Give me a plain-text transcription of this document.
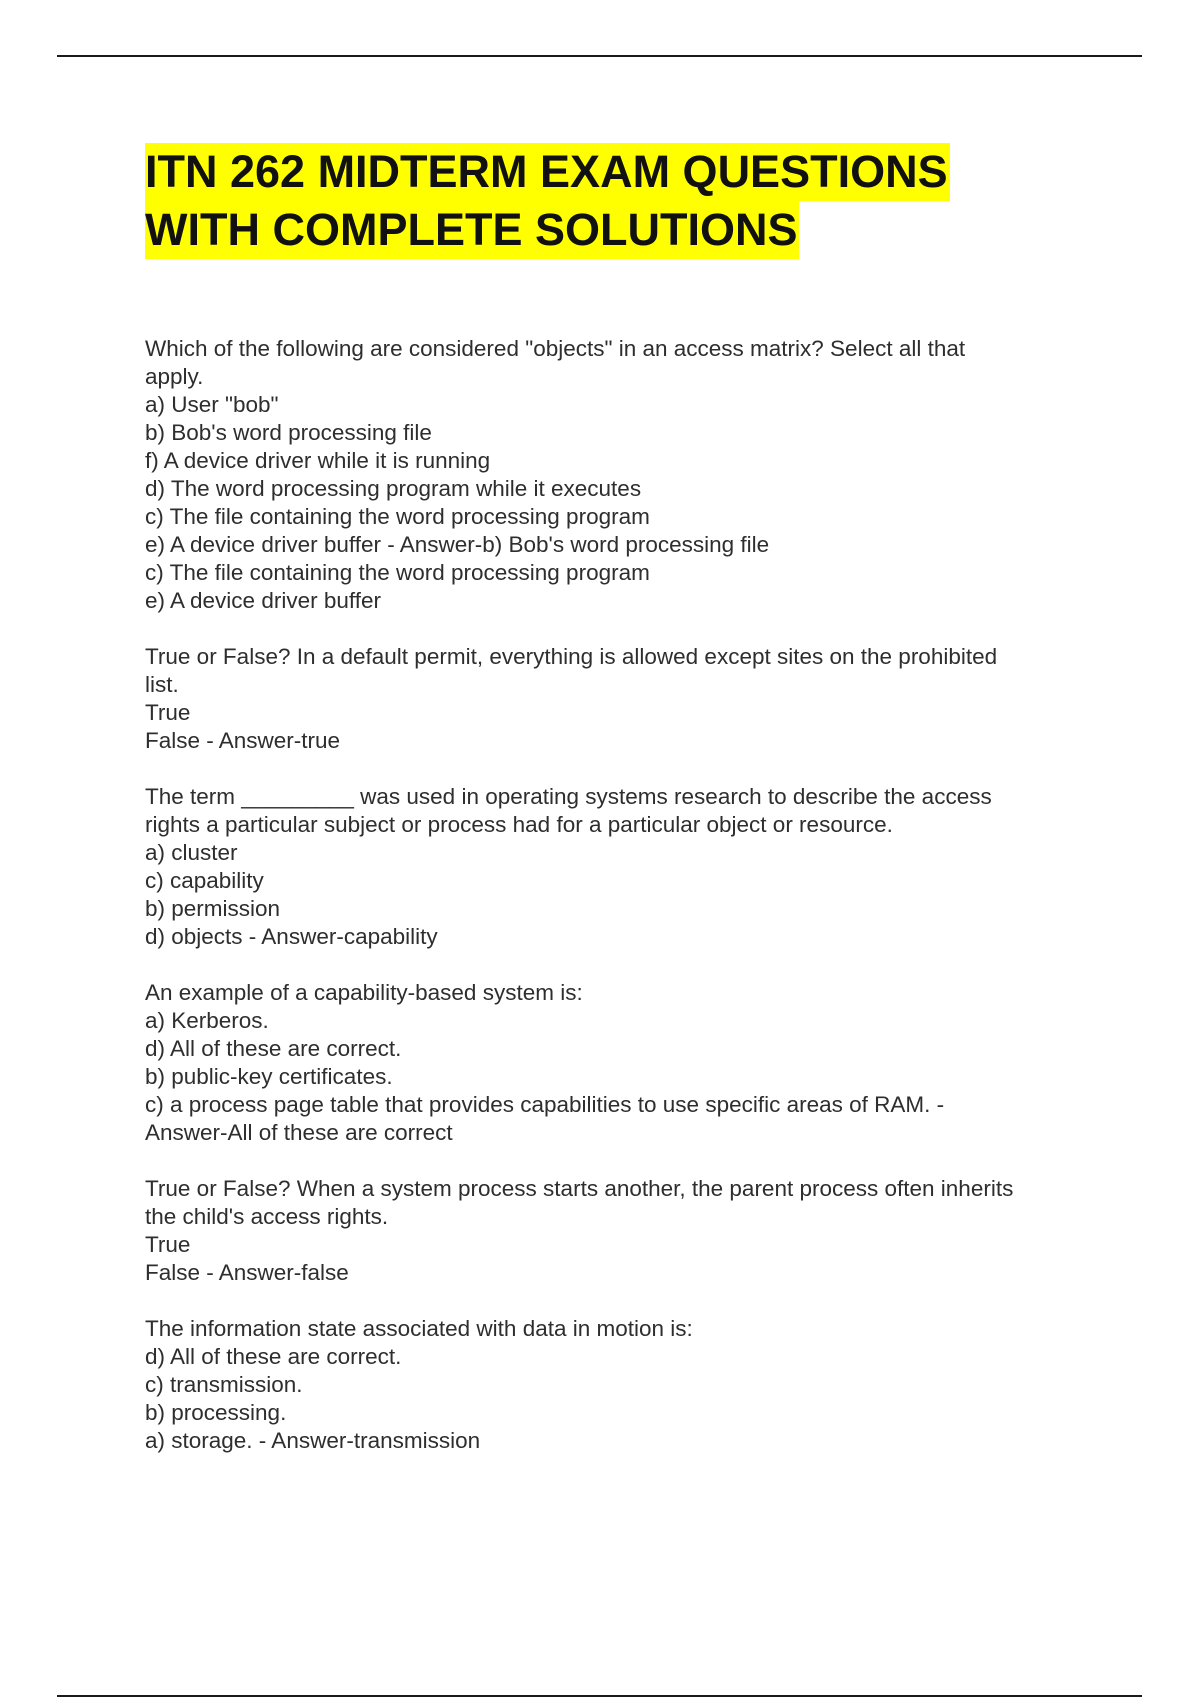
ITN 262 MIDTERM EXAM QUESTIONS
WITH COMPLETE SOLUTIONS
Which of the following are considered "objects" in an access matrix? Select all that
apply.
a) User "bob"
b) Bob's word processing file
f) A device driver while it is running
d) The word processing program while it executes
c) The file containing the word processing program
e) A device driver buffer - Answer-b) Bob's word processing file
c) The file containing the word processing program
e) A device driver buffer
True or False? In a default permit, everything is allowed except sites on the prohibited
list.
True
False - Answer-true
The term _________ was used in operating systems research to describe the access
rights a particular subject or process had for a particular object or resource.
a) cluster
c) capability
b) permission
d) objects - Answer-capability
An example of a capability-based system is:
a) Kerberos.
d) All of these are correct.
b) public-key certificates.
c) a process page table that provides capabilities to use specific areas of RAM. -
Answer-All of these are correct
True or False? When a system process starts another, the parent process often inherits
the child's access rights.
True
False - Answer-false
The information state associated with data in motion is:
d) All of these are correct.
c) transmission.
b) processing.
a) storage. - Answer-transmission
